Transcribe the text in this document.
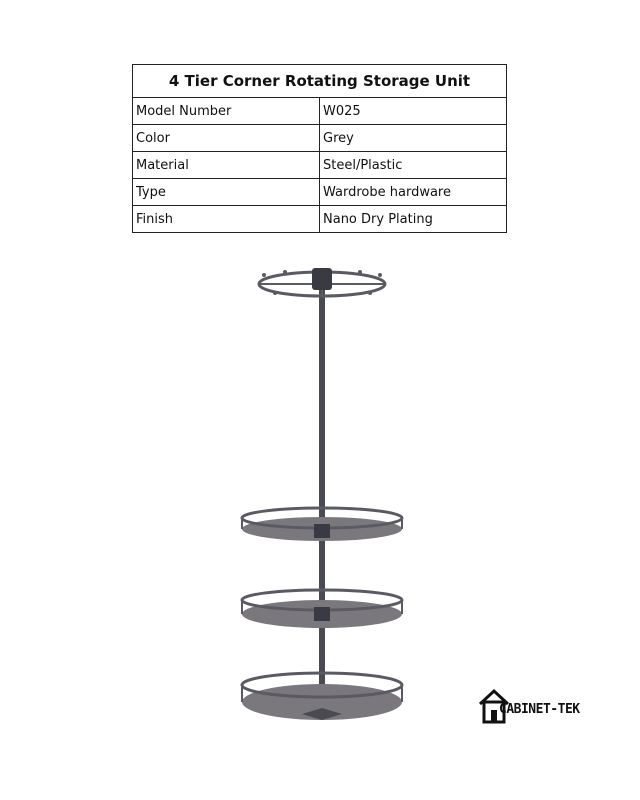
4 Tier Corner Rotating Storage Unit	
Model Number	W025
Color	Grey
Material	Steel/Plastic
Type	Wardrobe hardware
Finish	Nano Dry Plating
CABINET-TEK
